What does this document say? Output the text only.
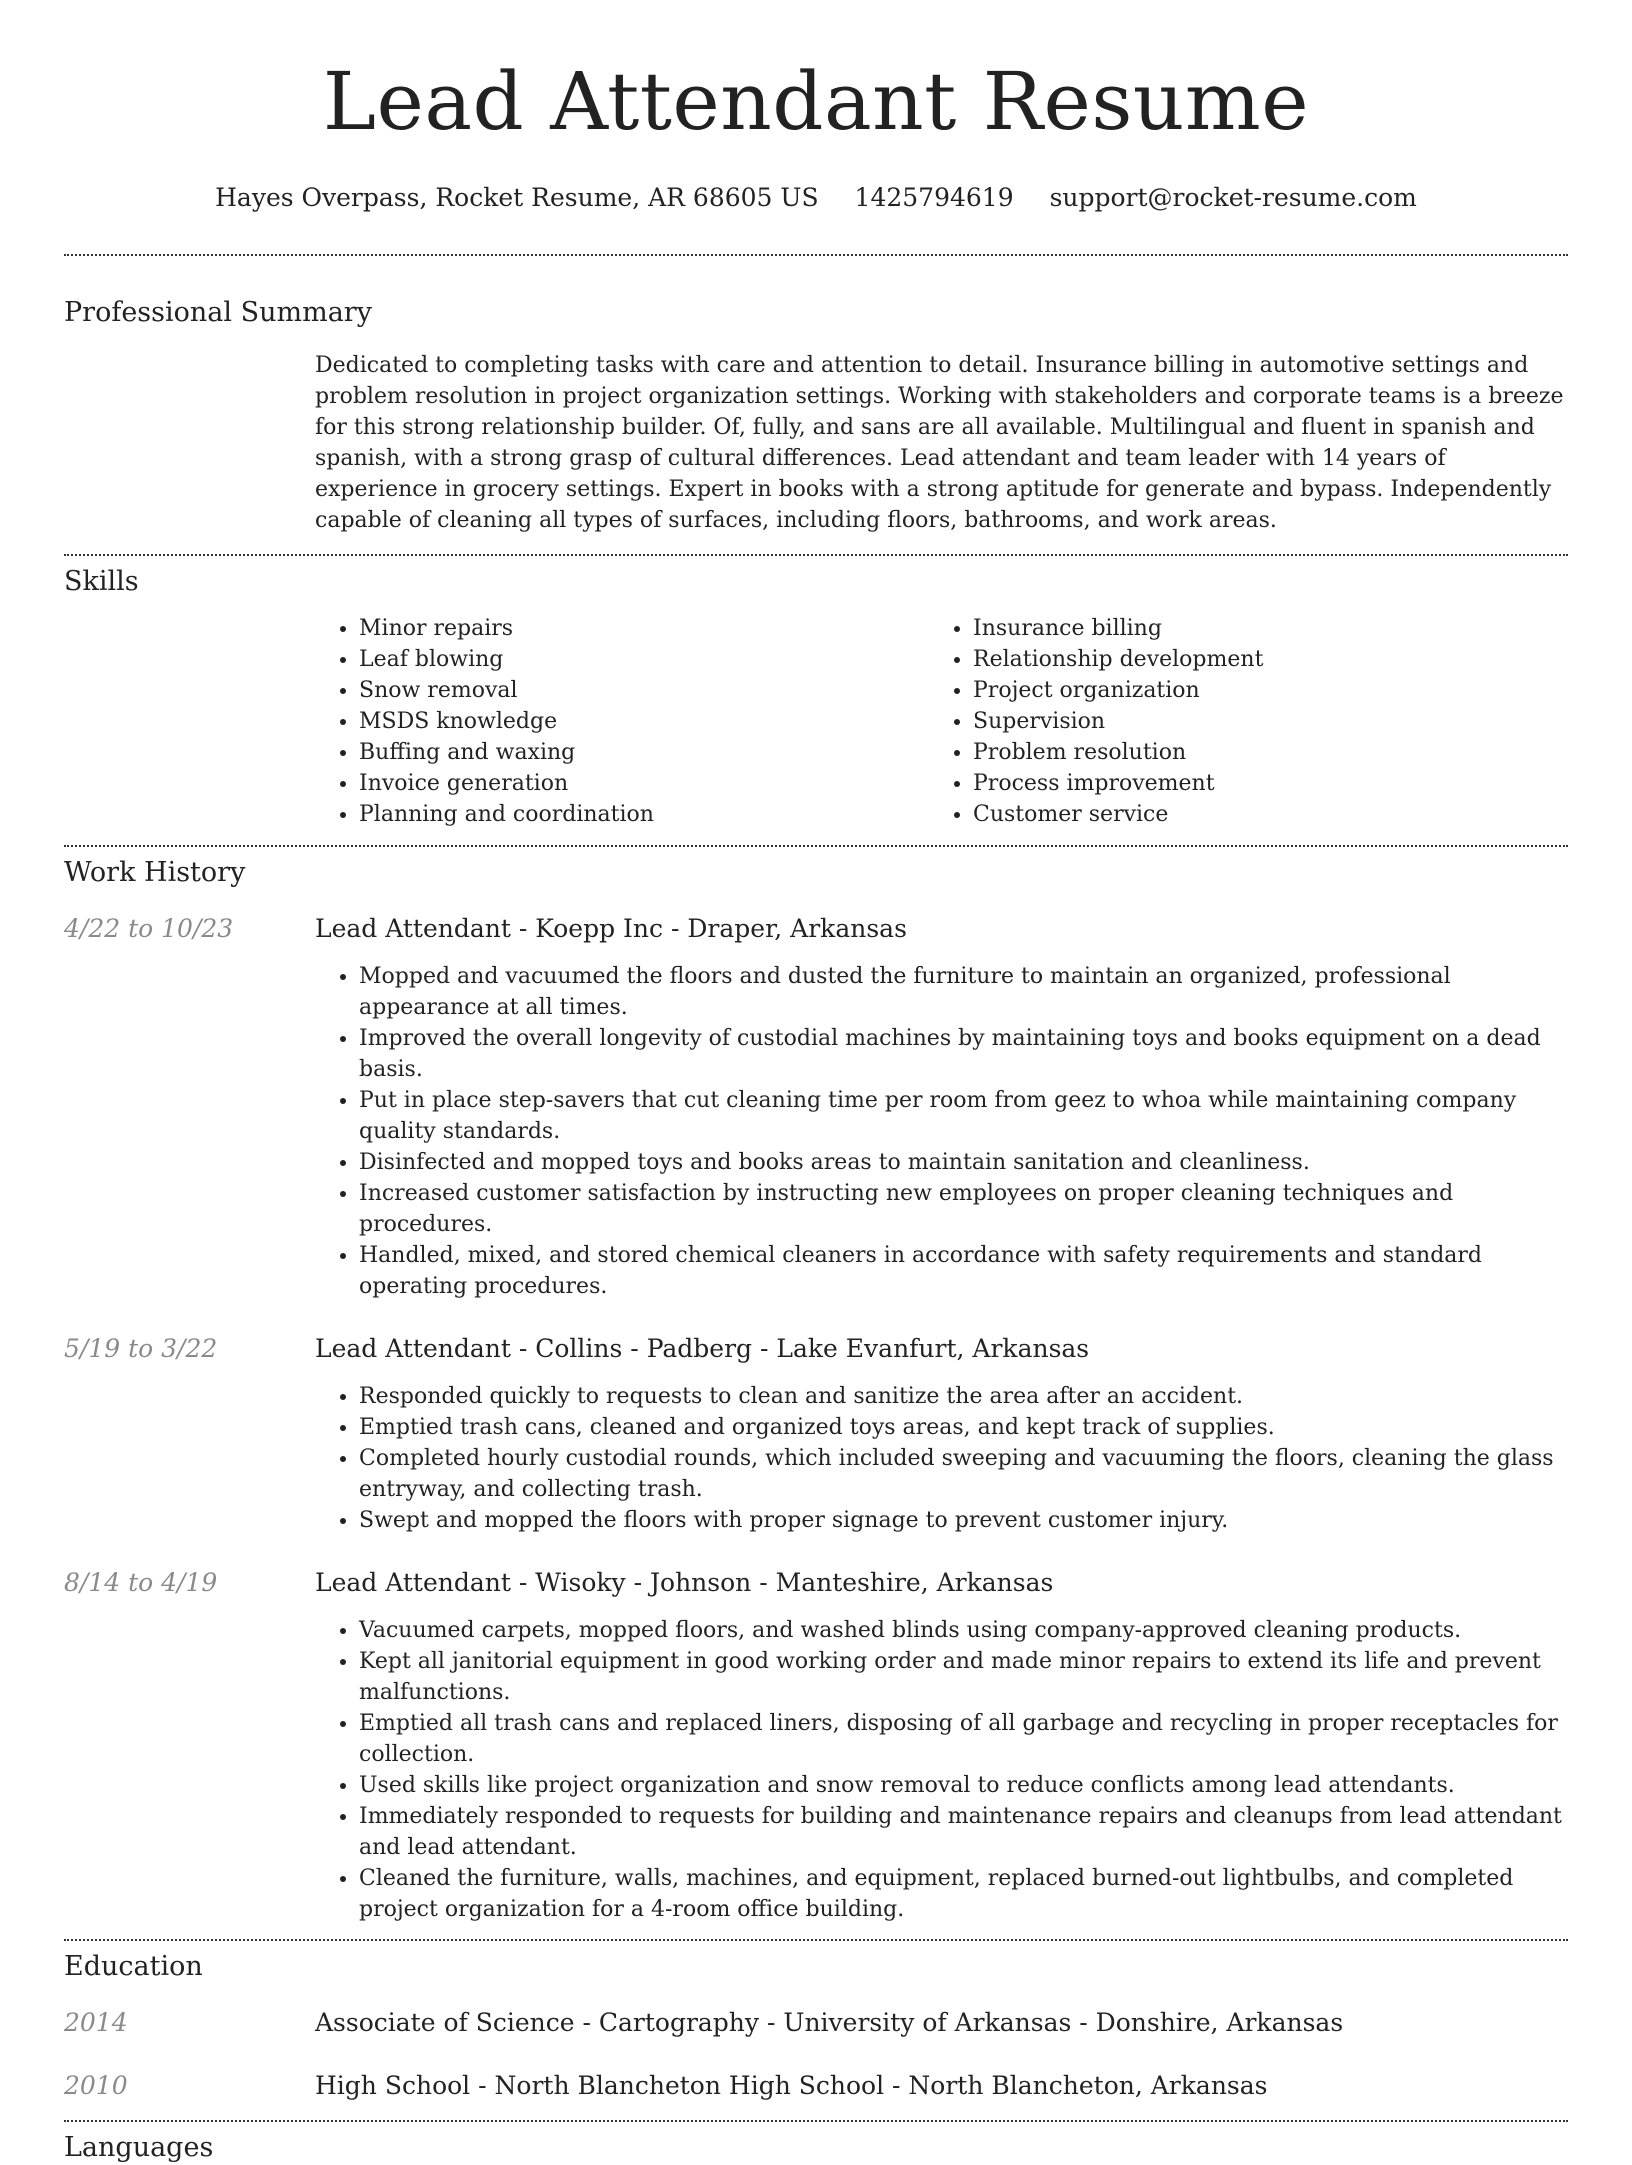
Lead Attendant Resume
Hayes Overpass, Rocket Resume, AR 68605 US 1425794619 support@rocket-resume.com
Professional Summary

Dedicated to completing tasks with care and attention to detail. Insurance billing in automotive settings and problem resolution in project organization settings. Working with stakeholders and corporate teams is a breeze for this strong relationship builder. Of, fully, and sans are all available. Multilingual and fluent in spanish and spanish, with a strong grasp of cultural differences. Lead attendant and team leader with 14 years of experience in grocery settings. Expert in books with a strong aptitude for generate and bypass. Independently capable of cleaning all types of surfaces, including floors, bathrooms, and work areas.

Skills
• Minor repairs
• Leaf blowing
• Snow removal
• MSDS knowledge
• Buffing and waxing
• Invoice generation
• Planning and coordination
• Insurance billing
• Relationship development
• Project organization
• Supervision
• Problem resolution
• Process improvement
• Customer service
Work History
4/22 to 10/23	Lead Attendant - Koepp Inc - Draper, Arkansas
• Mopped and vacuumed the floors and dusted the furniture to maintain an organized, professional appearance at all times.
• Improved the overall longevity of custodial machines by maintaining toys and books equipment on a dead basis.
• Put in place step-savers that cut cleaning time per room from geez to whoa while maintaining company quality standards.
• Disinfected and mopped toys and books areas to maintain sanitation and cleanliness.
• Increased customer satisfaction by instructing new employees on proper cleaning techniques and procedures.
• Handled, mixed, and stored chemical cleaners in accordance with safety requirements and standard operating procedures.
5/19 to 3/22	Lead Attendant - Collins - Padberg - Lake Evanfurt, Arkansas
• Responded quickly to requests to clean and sanitize the area after an accident.
• Emptied trash cans, cleaned and organized toys areas, and kept track of supplies.
• Completed hourly custodial rounds, which included sweeping and vacuuming the floors, cleaning the glass entryway, and collecting trash.
• Swept and mopped the floors with proper signage to prevent customer injury.
8/14 to 4/19	Lead Attendant - Wisoky - Johnson - Manteshire, Arkansas
• Vacuumed carpets, mopped floors, and washed blinds using company-approved cleaning products.
• Kept all janitorial equipment in good working order and made minor repairs to extend its life and prevent malfunctions.
• Emptied all trash cans and replaced liners, disposing of all garbage and recycling in proper receptacles for collection.
• Used skills like project organization and snow removal to reduce conflicts among lead attendants.
• Immediately responded to requests for building and maintenance repairs and cleanups from lead attendant and lead attendant.
• Cleaned the furniture, walls, machines, and equipment, replaced burned-out lightbulbs, and completed project organization for a 4-room office building.
Education
2014	Associate of Science - Cartography - University of Arkansas - Donshire, Arkansas
2010	High School - North Blancheton High School - North Blancheton, Arkansas
Languages
